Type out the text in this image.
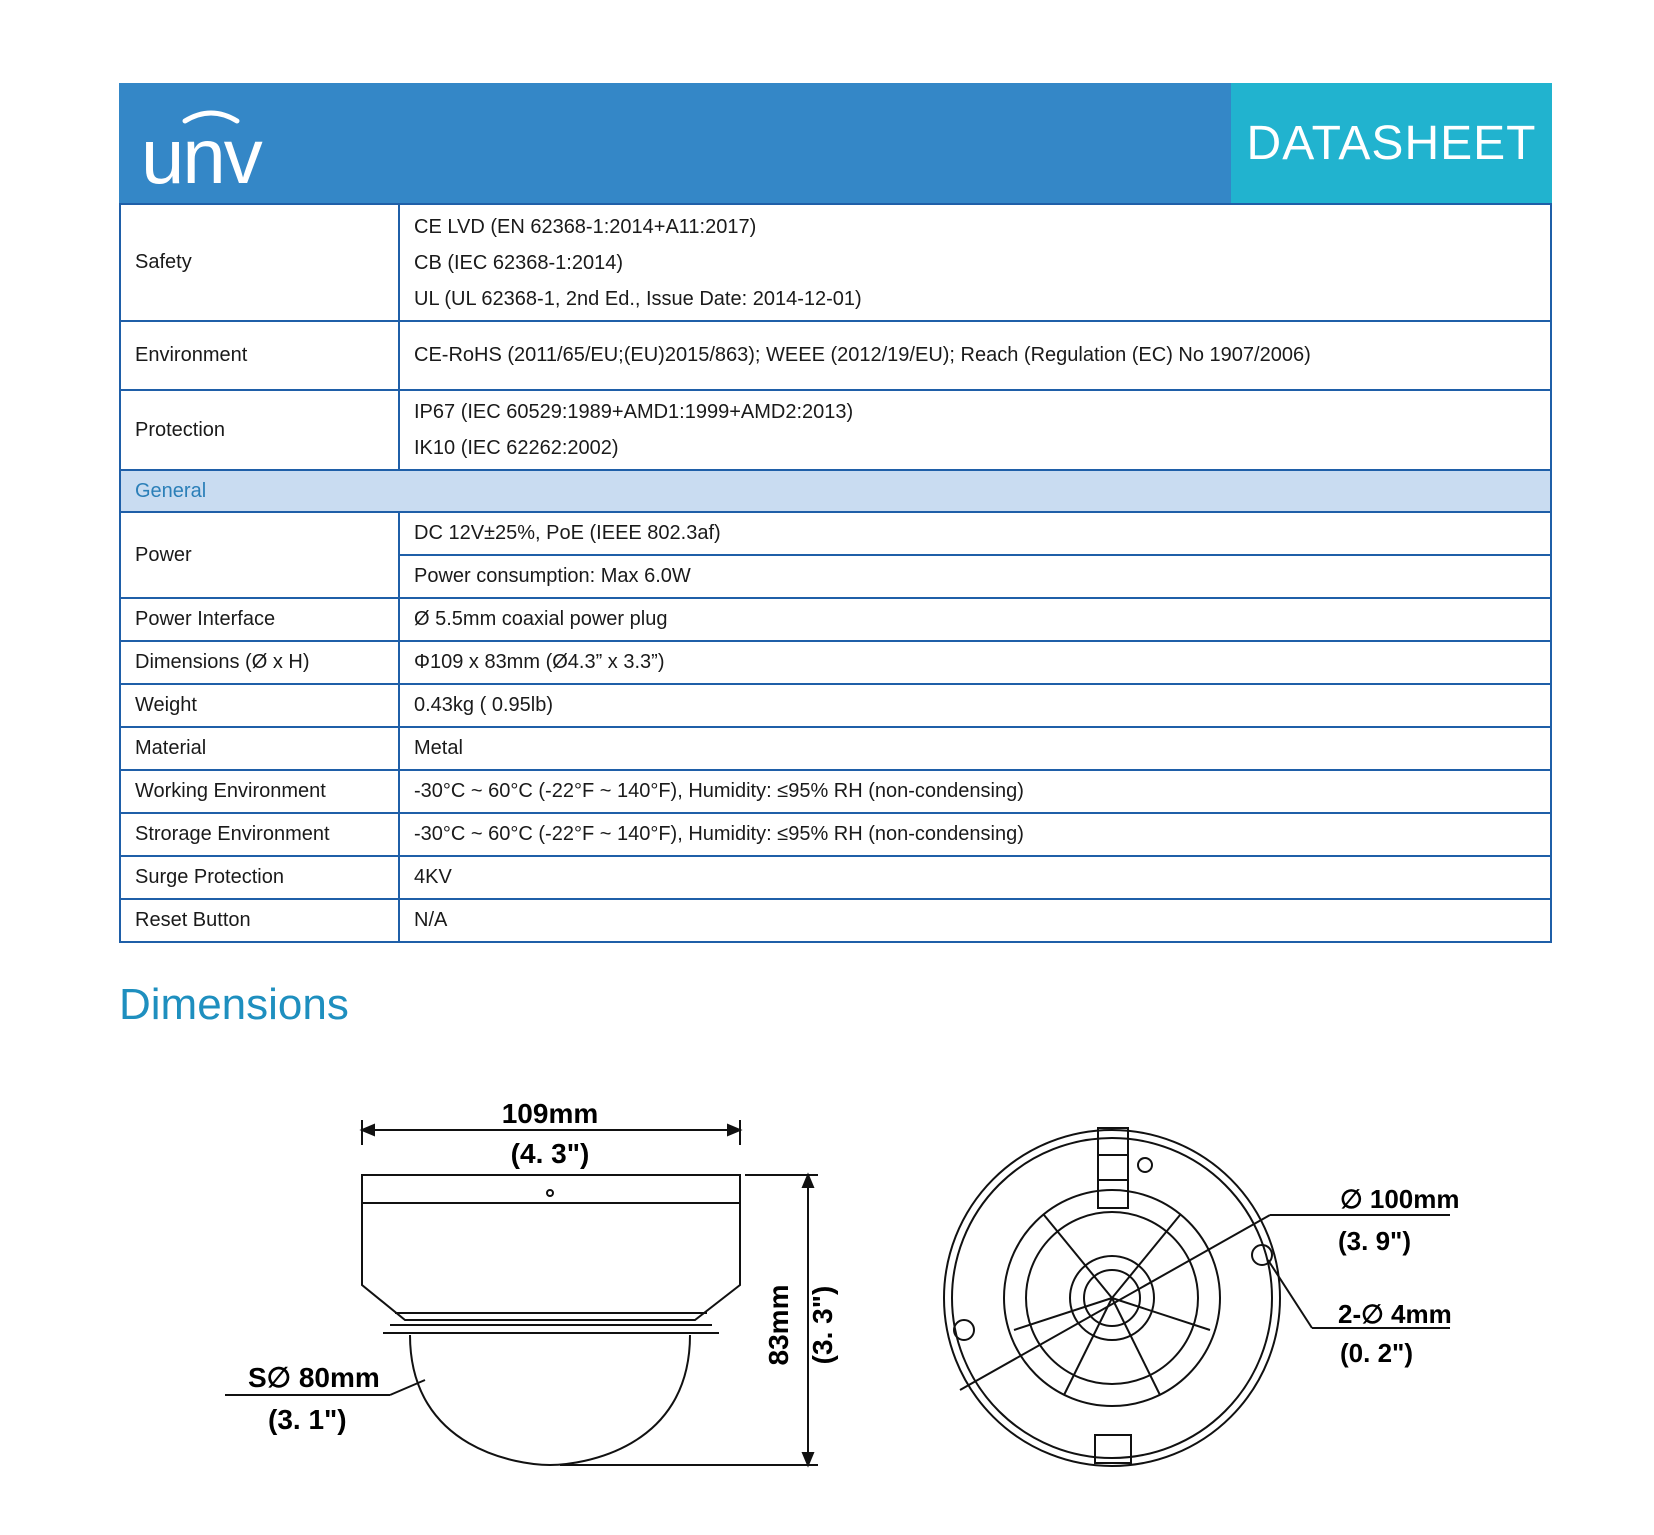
unv	DATASHEET
Safety	CE LVD (EN 62368-1:2014+A11:2017)
CB (IEC 62368-1:2014)
UL (UL 62368-1, 2nd Ed., Issue Date: 2014-12-01)

Environment	CE-RoHS (2011/65/EU;(EU)2015/863); WEEE (2012/19/EU); Reach (Regulation (EC) No 1907/2006)
Protection	IP67 (IEC 60529:1989+AMD1:1999+AMD2:2013)
IK10 (IEC 62262:2002)

General	
Power	DC 12V±25%, PoE (IEEE 802.3af)
	Power consumption: Max 6.0W
Power Interface	Ø 5.5mm coaxial power plug
Dimensions (Ø x H)	Φ109 x 83mm (Ø4.3” x 3.3”)
Weight	0.43kg ( 0.95lb)
Material	Metal
Working Environment	-30°C ~ 60°C (-22°F ~ 140°F), Humidity: ≤95% RH (non-condensing)
Strorage Environment	-30°C ~ 60°C (-22°F ~ 140°F), Humidity: ≤95% RH (non-condensing)
Surge Protection	4KV
Reset Button	N/A
Dimensions
109mm
(4. 3")
83mm (3. 3")
S∅ 80mm
(3. 1")
∅ 100mm
(3. 9")
2-∅ 4mm
(0. 2")
